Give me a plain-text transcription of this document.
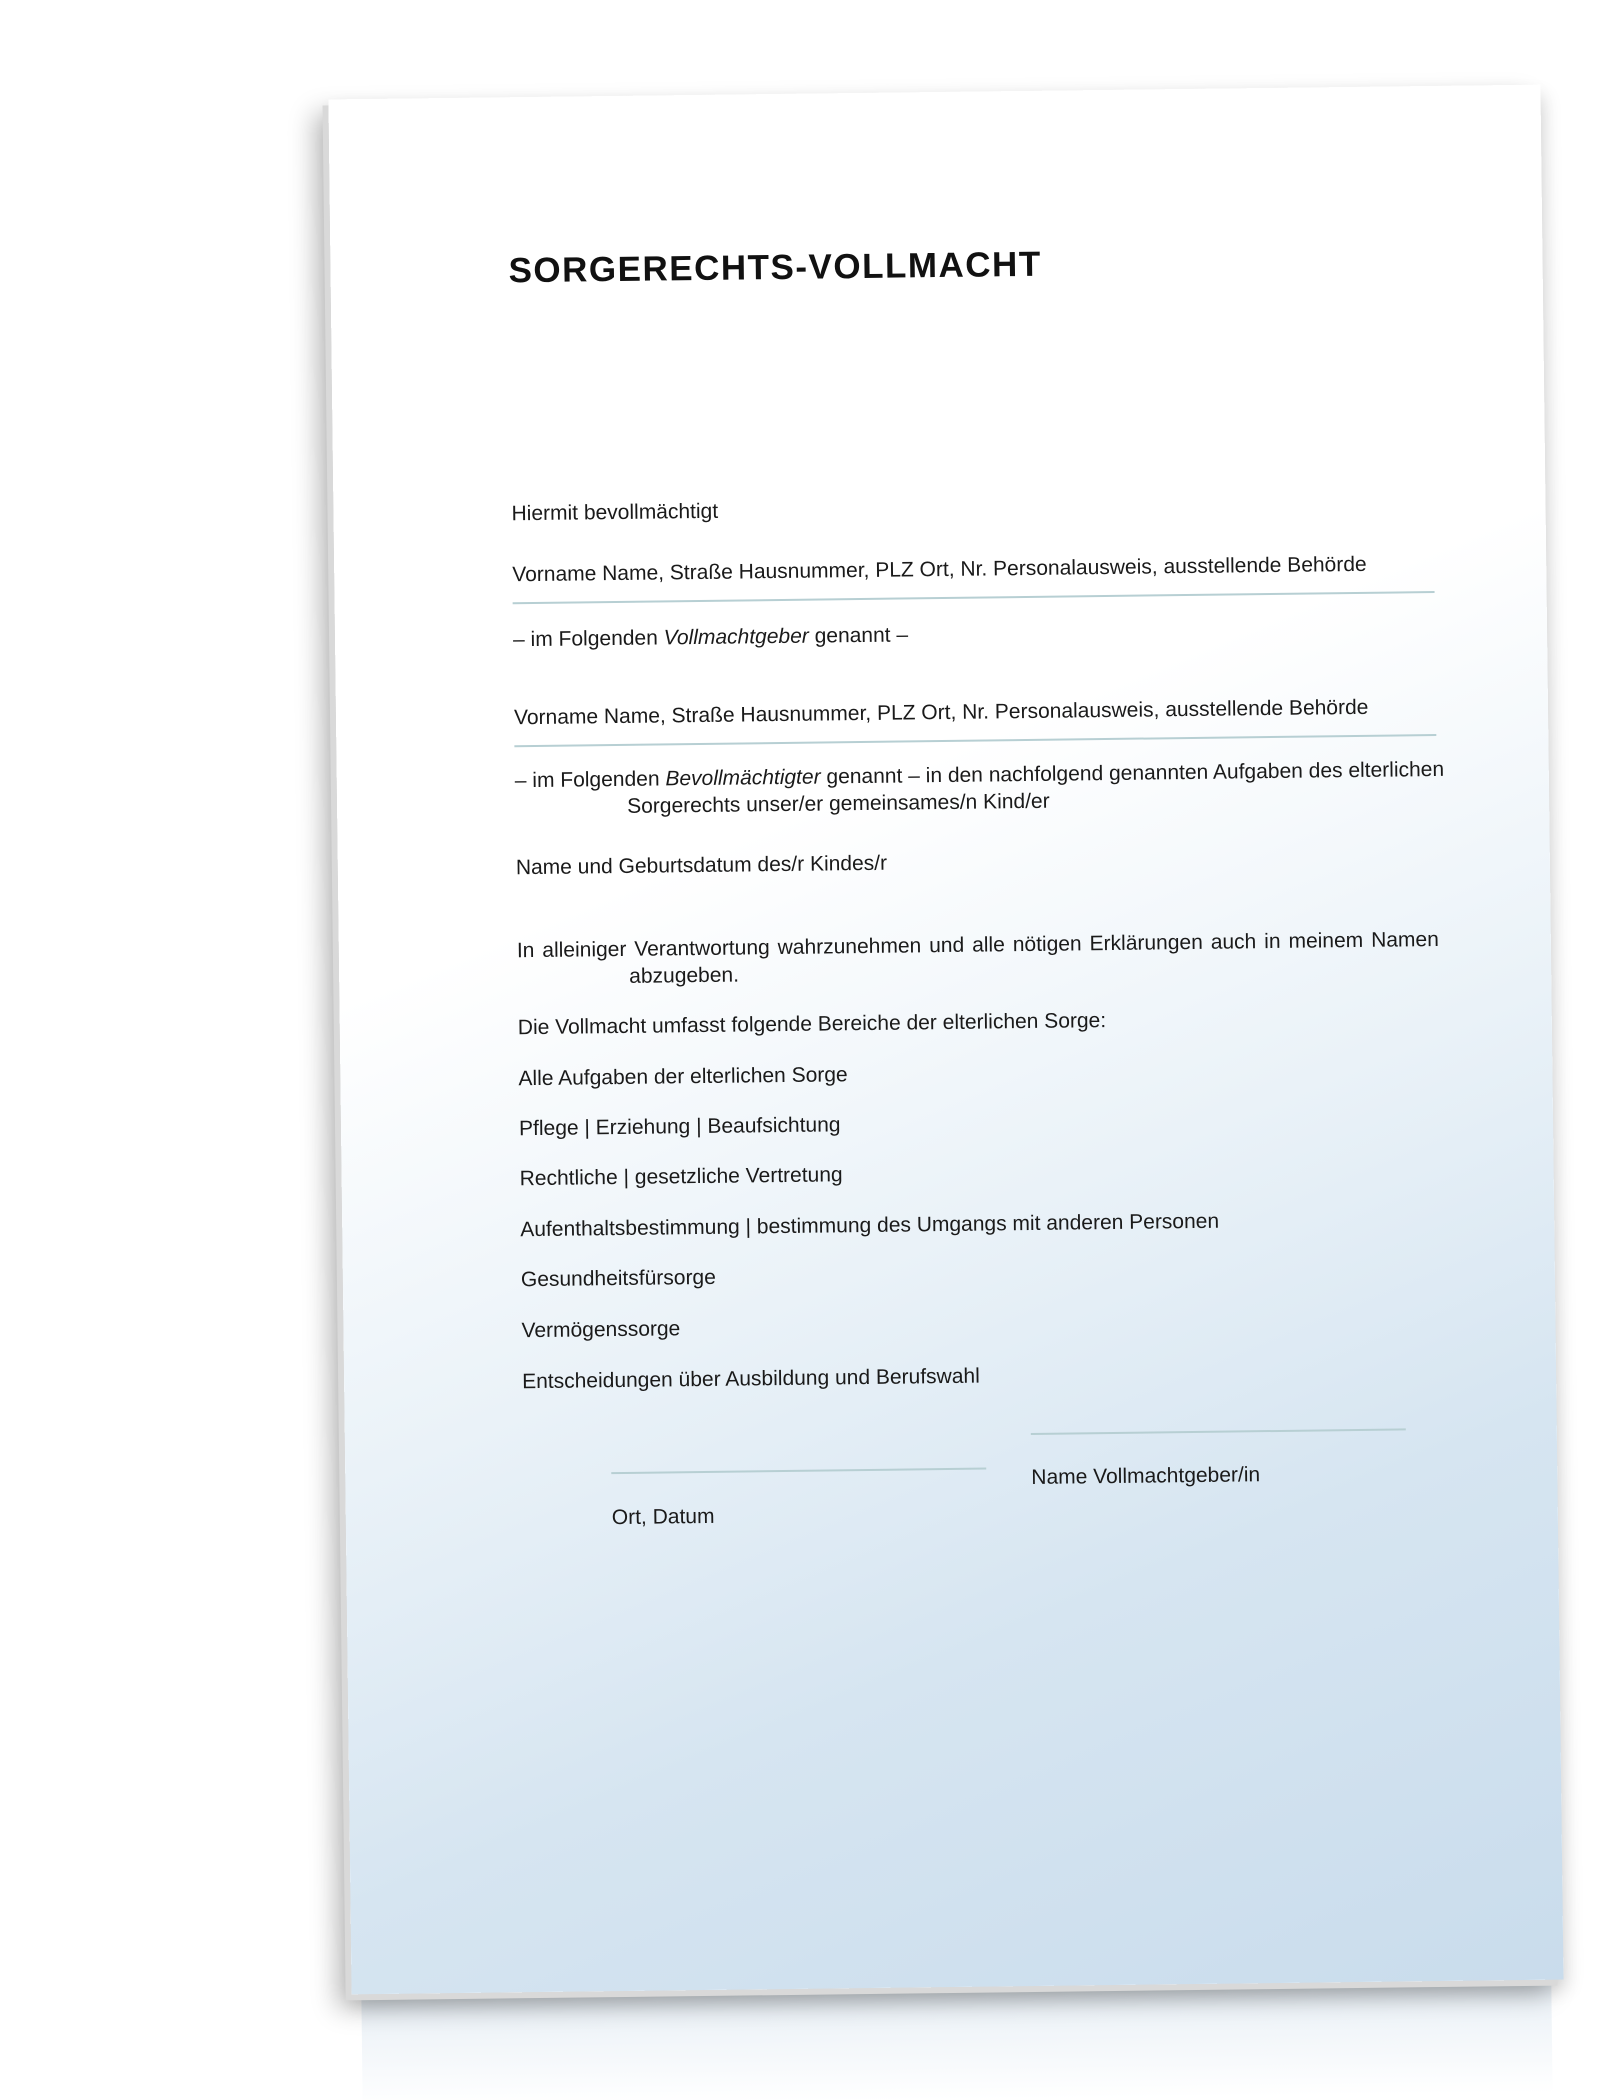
SORGERECHTS-VOLLMACHT

Hiermit bevollmächtigt

Vorname Name, Straße Hausnummer, PLZ Ort, Nr. Personalausweis, ausstellende Behörde

– im Folgenden Vollmachtgeber genannt –

Vorname Name, Straße Hausnummer, PLZ Ort, Nr. Personalausweis, ausstellende Behörde

– im Folgenden Bevollmächtigter genannt – in den nachfolgend genannten Aufgaben des elterlichen
Sorgerechts unser/er gemeinsames/n Kind/er

Name und Geburtsdatum des/r Kindes/r

In alleiniger Verantwortung wahrzunehmen und alle nötigen Erklärungen auch in meinem Namen
abzugeben.

Die Vollmacht umfasst folgende Bereiche der elterlichen Sorge:

Alle Aufgaben der elterlichen Sorge

Pflege | Erziehung | Beaufsichtung

Rechtliche | gesetzliche Vertretung

Aufenthaltsbestimmung | bestimmung des Umgangs mit anderen Personen

Gesundheitsfürsorge

Vermögenssorge

Entscheidungen über Ausbildung und Berufswahl

Ort, Datum

Name Vollmachtgeber/in
